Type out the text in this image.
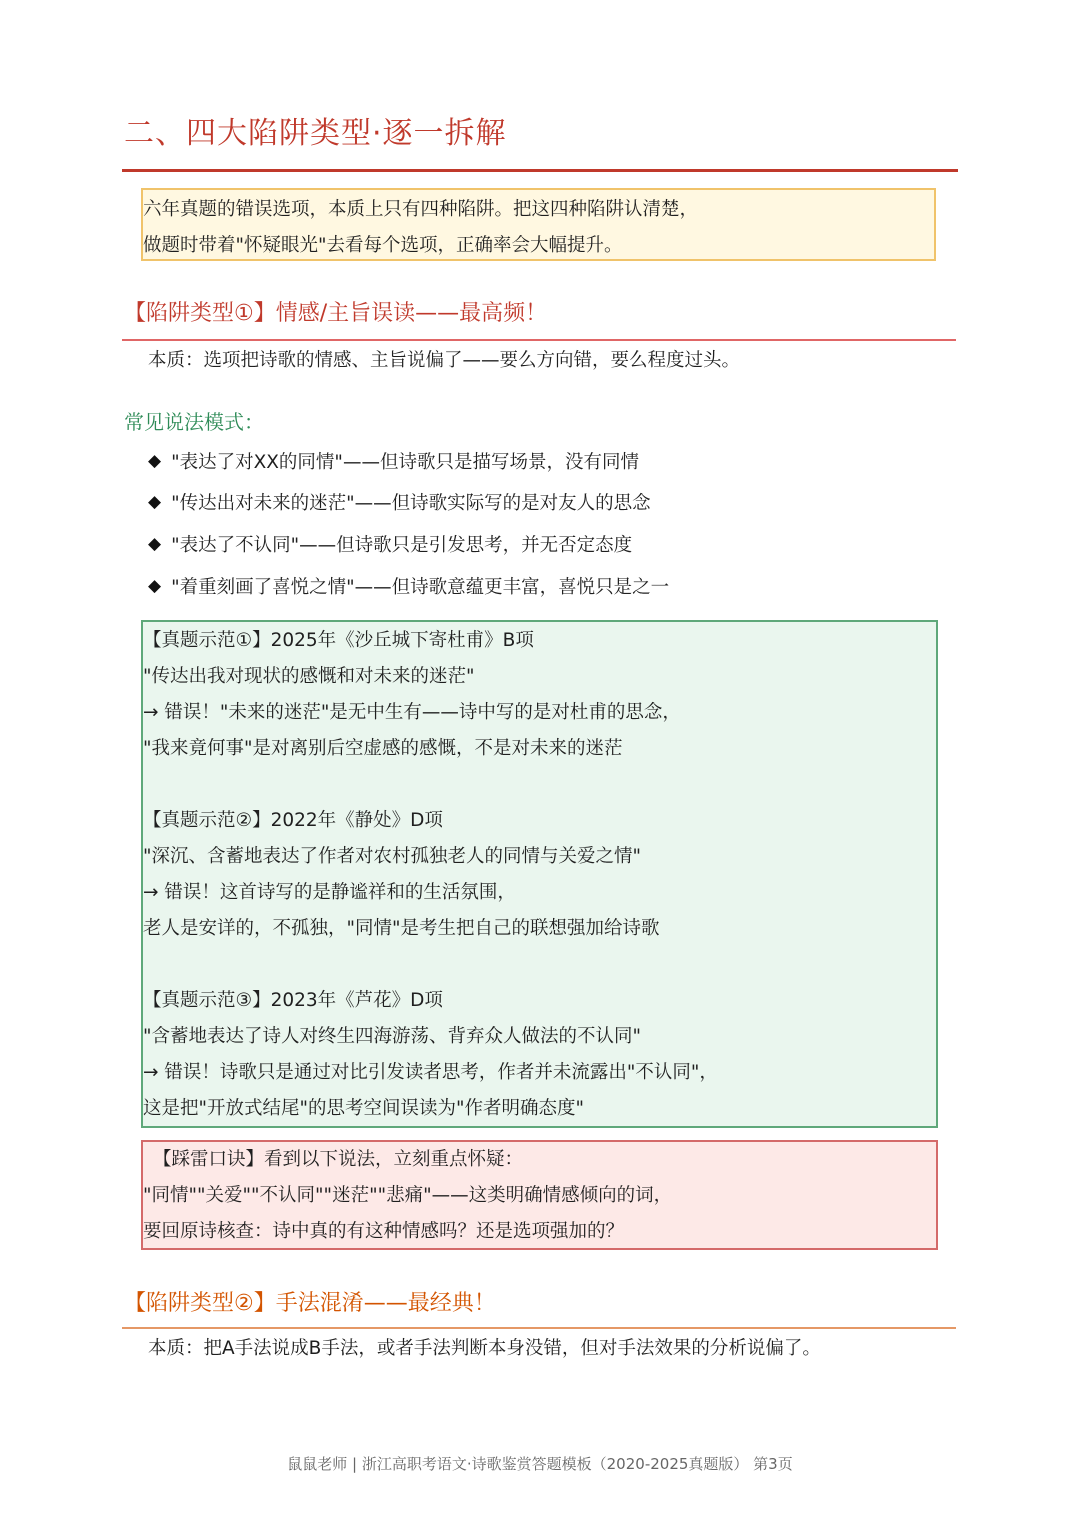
二、四大陷阱类型·逐一拆解
六年真题的错误选项，本质上只有四种陷阱。把这四种陷阱认清楚，
做题时带着"怀疑眼光"去看每个选项，正确率会大幅提升。
【陷阱类型①】情感/主旨误读——最高频！
本质：选项把诗歌的情感、主旨说偏了——要么方向错，要么程度过头。
常见说法模式：
◆ "表达了对XX的同情"——但诗歌只是描写场景，没有同情
◆ "传达出对未来的迷茫"——但诗歌实际写的是对友人的思念
◆ "表达了不认同"——但诗歌只是引发思考，并无否定态度
◆ "着重刻画了喜悦之情"——但诗歌意蕴更丰富，喜悦只是之一
【真题示范①】2025年《沙丘城下寄杜甫》B项
"传达出我对现状的感慨和对未来的迷茫"
→ 错误！"未来的迷茫"是无中生有——诗中写的是对杜甫的思念，
"我来竟何事"是对离别后空虚感的感慨，不是对未来的迷茫
【真题示范②】2022年《静处》D项
"深沉、含蓄地表达了作者对农村孤独老人的同情与关爱之情"
→ 错误！这首诗写的是静谧祥和的生活氛围，
老人是安详的，不孤独，"同情"是考生把自己的联想强加给诗歌
【真题示范③】2023年《芦花》D项
"含蓄地表达了诗人对终生四海游荡、背弃众人做法的不认同"
→ 错误！诗歌只是通过对比引发读者思考，作者并未流露出"不认同"，
这是把"开放式结尾"的思考空间误读为"作者明确态度"
【踩雷口诀】看到以下说法，立刻重点怀疑：
"同情""关爱""不认同""迷茫""悲痛"——这类明确情感倾向的词，
要回原诗核查：诗中真的有这种情感吗？还是选项强加的？
【陷阱类型②】手法混淆——最经典！
本质：把A手法说成B手法，或者手法判断本身没错，但对手法效果的分析说偏了。
鼠鼠老师 | 浙江高职考语文·诗歌鉴赏答题模板（2020-2025真题版） 第3页
